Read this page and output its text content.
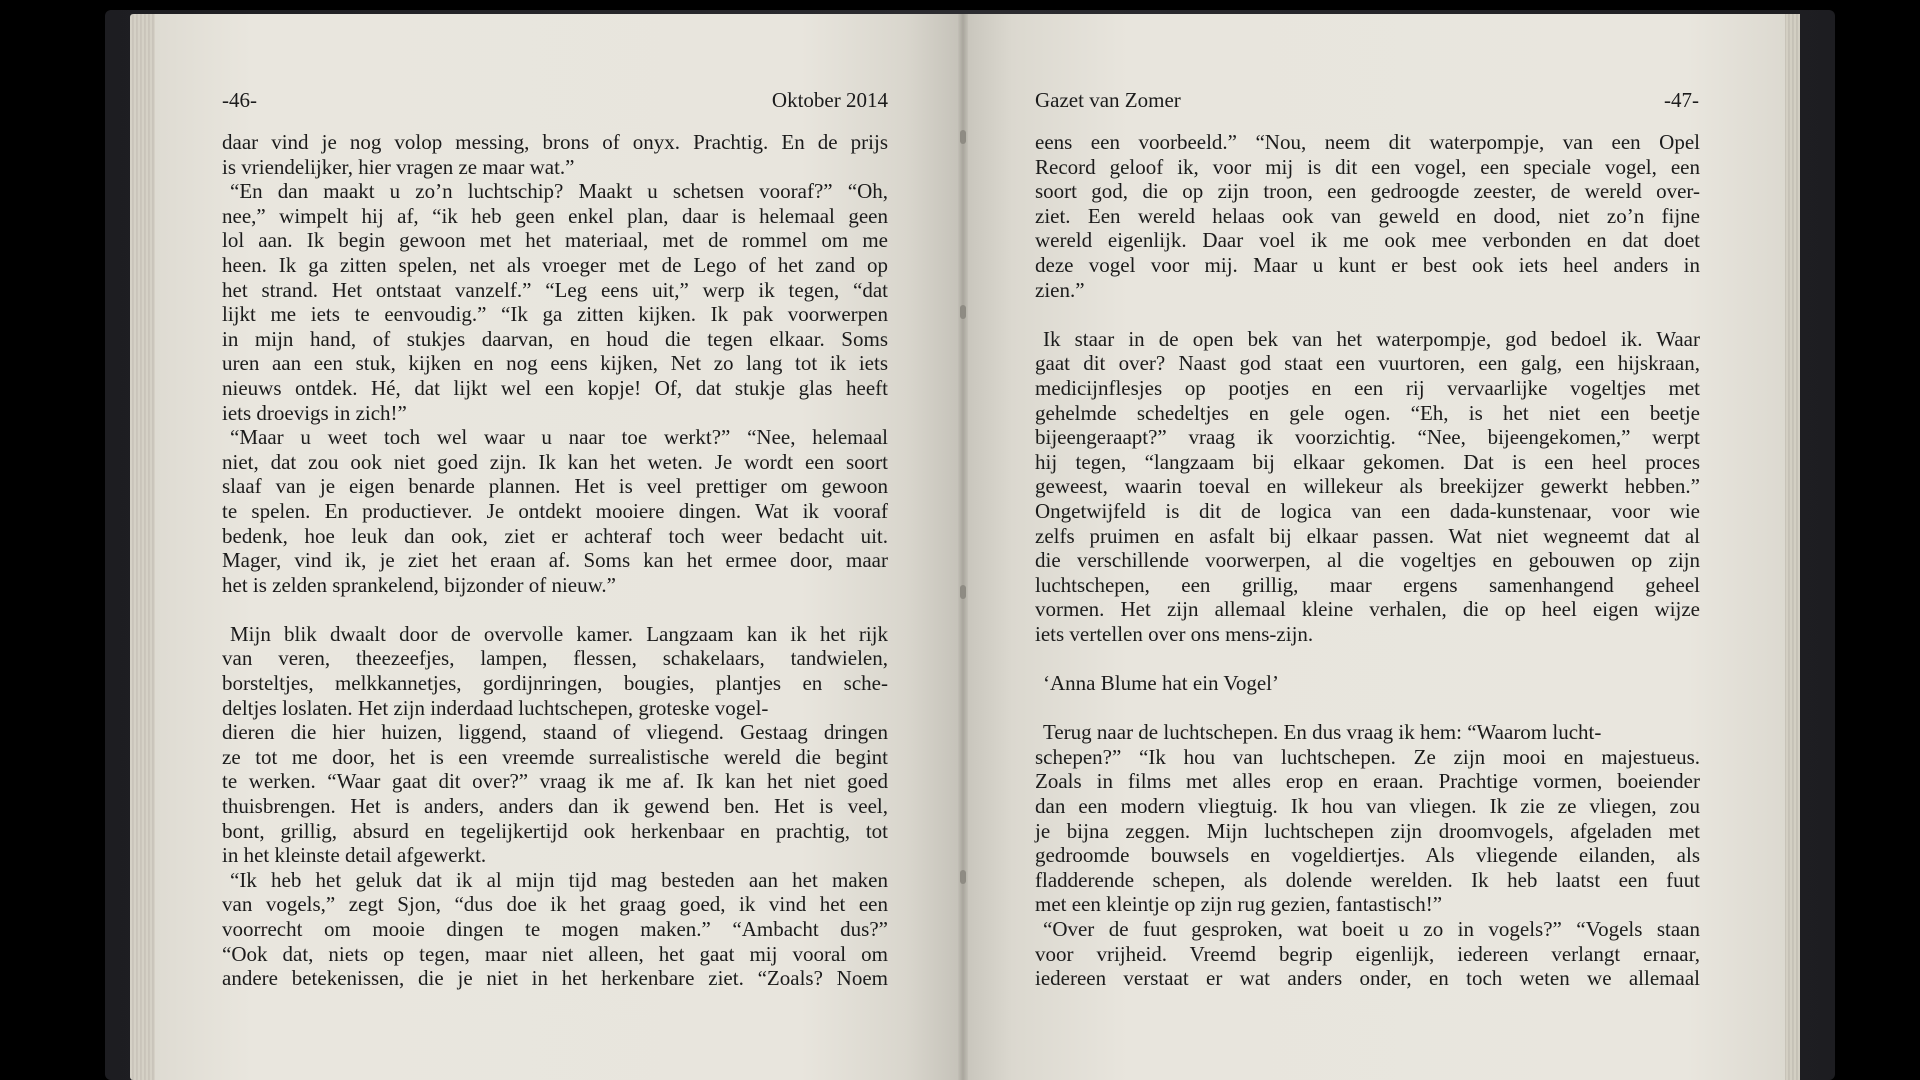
-46-	Oktober 2014	Gazet van Zomer	-47-
daar vind je nog volop messing, brons of onyx. Prachtig. En de prijs
is vriendelijker, hier vragen ze maar wat.”
“En dan maakt u zo’n luchtschip? Maakt u schetsen vooraf?” “Oh,
nee,” wimpelt hij af, “ik heb geen enkel plan, daar is helemaal geen
lol aan. Ik begin gewoon met het materiaal, met de rommel om me
heen. Ik ga zitten spelen, net als vroeger met de Lego of het zand op
het strand. Het ontstaat vanzelf.” “Leg eens uit,” werp ik tegen, “dat
lijkt me iets te eenvoudig.” “Ik ga zitten kijken. Ik pak voorwerpen
in mijn hand, of stukjes daarvan, en houd die tegen elkaar. Soms
uren aan een stuk, kijken en nog eens kijken, Net zo lang tot ik iets
nieuws ontdek. Hé, dat lijkt wel een kopje! Of, dat stukje glas heeft
iets droevigs in zich!”
“Maar u weet toch wel waar u naar toe werkt?” “Nee, helemaal
niet, dat zou ook niet goed zijn. Ik kan het weten. Je wordt een soort
slaaf van je eigen benarde plannen. Het is veel prettiger om gewoon
te spelen. En productiever. Je ontdekt mooiere dingen. Wat ik vooraf
bedenk, hoe leuk dan ook, ziet er achteraf toch weer bedacht uit.
Mager, vind ik, je ziet het eraan af. Soms kan het ermee door, maar
het is zelden sprankelend, bijzonder of nieuw.”
Mijn blik dwaalt door de overvolle kamer. Langzaam kan ik het rijk
van veren, theezeefjes, lampen, flessen, schakelaars, tandwielen,
borsteltjes, melkkannetjes, gordijnringen, bougies, plantjes en sche-
deltjes loslaten. Het zijn inderdaad luchtschepen, groteske vogel-
dieren die hier huizen, liggend, staand of vliegend. Gestaag dringen
ze tot me door, het is een vreemde surrealistische wereld die begint
te werken. “Waar gaat dit over?” vraag ik me af. Ik kan het niet goed
thuisbrengen. Het is anders, anders dan ik gewend ben. Het is veel,
bont, grillig, absurd en tegelijkertijd ook herkenbaar en prachtig, tot
in het kleinste detail afgewerkt.
“Ik heb het geluk dat ik al mijn tijd mag besteden aan het maken
van vogels,” zegt Sjon, “dus doe ik het graag goed, ik vind het een
voorrecht om mooie dingen te mogen maken.” “Ambacht dus?”
“Ook dat, niets op tegen, maar niet alleen, het gaat mij vooral om
andere betekenissen, die je niet in het herkenbare ziet. “Zoals? Noem
eens een voorbeeld.” “Nou, neem dit waterpompje, van een Opel
Record geloof ik, voor mij is dit een vogel, een speciale vogel, een
soort god, die op zijn troon, een gedroogde zeester, de wereld over-
ziet. Een wereld helaas ook van geweld en dood, niet zo’n fijne
wereld eigenlijk. Daar voel ik me ook mee verbonden en dat doet
deze vogel voor mij. Maar u kunt er best ook iets heel anders in
zien.”
Ik staar in de open bek van het waterpompje, god bedoel ik. Waar
gaat dit over? Naast god staat een vuurtoren, een galg, een hijskraan,
medicijnflesjes op pootjes en een rij vervaarlijke vogeltjes met
gehelmde schedeltjes en gele ogen. “Eh, is het niet een beetje
bijeengeraapt?” vraag ik voorzichtig. “Nee, bijeengekomen,” werpt
hij tegen, “langzaam bij elkaar gekomen. Dat is een heel proces
geweest, waarin toeval en willekeur als breekijzer gewerkt hebben.”
Ongetwijfeld is dit de logica van een dada-kunstenaar, voor wie
zelfs pruimen en asfalt bij elkaar passen. Wat niet wegneemt dat al
die verschillende voorwerpen, al die vogeltjes en gebouwen op zijn
luchtschepen, een grillig, maar ergens samenhangend geheel
vormen. Het zijn allemaal kleine verhalen, die op heel eigen wijze
iets vertellen over ons mens-zijn.
‘Anna Blume hat ein Vogel’
Terug naar de luchtschepen. En dus vraag ik hem: “Waarom lucht-
schepen?” “Ik hou van luchtschepen. Ze zijn mooi en majestueus.
Zoals in films met alles erop en eraan. Prachtige vormen, boeiender
dan een modern vliegtuig. Ik hou van vliegen. Ik zie ze vliegen, zou
je bijna zeggen. Mijn luchtschepen zijn droomvogels, afgeladen met
gedroomde bouwsels en vogeldiertjes. Als vliegende eilanden, als
fladderende schepen, als dolende werelden. Ik heb laatst een fuut
met een kleintje op zijn rug gezien, fantastisch!”
“Over de fuut gesproken, wat boeit u zo in vogels?” “Vogels staan
voor vrijheid. Vreemd begrip eigenlijk, iedereen verlangt ernaar,
iedereen verstaat er wat anders onder, en toch weten we allemaal
